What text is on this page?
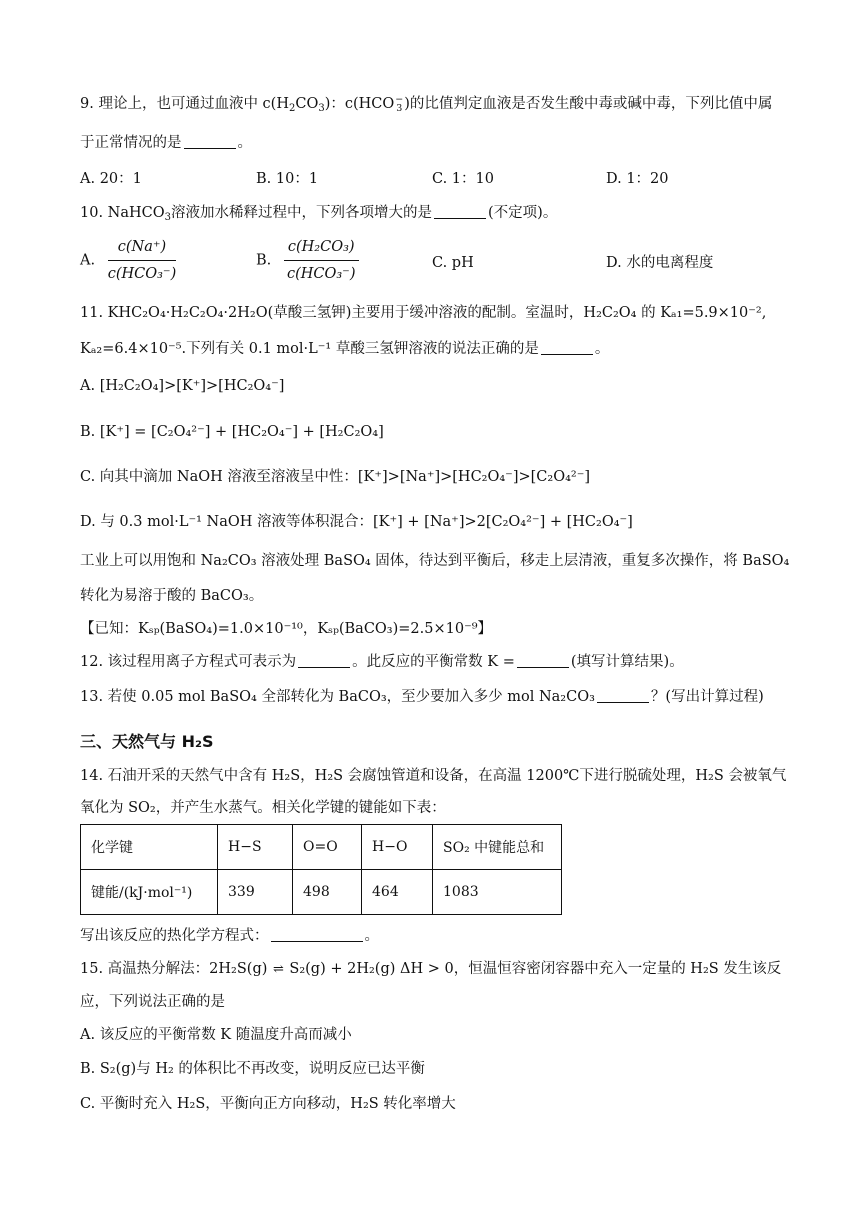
9. 理论上，也可通过血液中 $c(H_2CO_3)$：c(HCO −
3 )的比值判定血液是否发生酸中毒或碱中毒，下列比值中属
于正常情况的是	。
A. 20：1	B. 10：1	C. 1：10	D. 1：20
10. NaHCO$_3$溶液加水稀释过程中，下列各项增大的是	(不定项)。
A. $\frac{c(Na^+)}{\text{c(HCO₃⁻)}}$	B. $\frac{\text{c(H₂CO₃)}}{\text{c(HCO₃⁻)}}$	C. pH	D. 水的电离程度
11. KHC₂O₄·H₂C₂O₄·2H₂O(草酸三氢钾)主要用于缓冲溶液的配制。室温时，H₂C₂O₄ 的 Kₐ₁=5.9×10⁻²,
Kₐ₂=6.4×10⁻⁵.下列有关 0.1 mol·L⁻¹ 草酸三氢钾溶液的说法正确的是	。
A. [H₂C₂O₄]>[K⁺]>[HC₂O₄⁻]
B. [K⁺] = [C₂O₄²⁻] + [HC₂O₄⁻] + [H₂C₂O₄]
C. 向其中滴加 NaOH 溶液至溶液呈中性：[K⁺]>[Na⁺]>[HC₂O₄⁻]>[C₂O₄²⁻]
D. 与 0.3 mol·L⁻¹ NaOH 溶液等体积混合：[K⁺] + [Na⁺]>2[C₂O₄²⁻] + [HC₂O₄⁻]
工业上可以用饱和 Na₂CO₃ 溶液处理 BaSO₄ 固体，待达到平衡后，移走上层清液，重复多次操作，将 BaSO₄
转化为易溶于酸的 BaCO₃。
【已知：Kₛₚ(BaSO₄)=1.0×10⁻¹⁰，Kₛₚ(BaCO₃)=2.5×10⁻⁹】
12. 该过程用离子方程式可表示为	。此反应的平衡常数 K =	(填写计算结果)。
13. 若使 0.05 mol BaSO₄ 全部转化为 BaCO₃，至少要加入多少 mol Na₂CO₃	？(写出计算过程)
三、天然气与 H₂S
14. 石油开采的天然气中含有 H₂S，H₂S 会腐蚀管道和设备，在高温 1200℃下进行脱硫处理，H₂S 会被氧气
氧化为 SO₂，并产生水蒸气。相关化学键的键能如下表：
化学键	H−S	O=O	H−O	SO₂ 中键能总和
键能/(kJ·mol⁻¹)	339	498	464	1083
写出该反应的热化学方程式：	。
15. 高温热分解法：2H₂S(g) ⇌ S₂(g) + 2H₂(g) ΔH > 0，恒温恒容密闭容器中充入一定量的 H₂S 发生该反
应，下列说法正确的是
A. 该反应的平衡常数 K 随温度升高而减小
B. S₂(g)与 H₂ 的体积比不再改变，说明反应已达平衡
C. 平衡时充入 H₂S，平衡向正方向移动，H₂S 转化率增大
